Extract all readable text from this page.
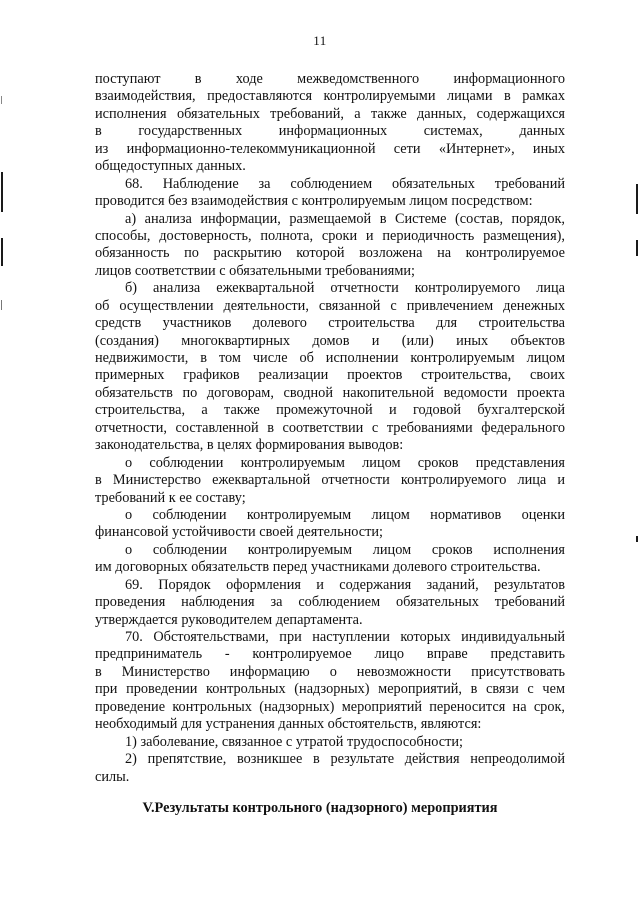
11
поступают в ходе межведомственного информационного
взаимодействия, предоставляются контролируемыми лицами в рамках
исполнения обязательных требований, а также данных, содержащихся
в государственных информационных системах, данных
из информационно-телекоммуникационной сети «Интернет», иных
общедоступных данных.
68. Наблюдение за соблюдением обязательных требований
проводится без взаимодействия с контролируемым лицом посредством:
а) анализа информации, размещаемой в Системе (состав, порядок,
способы, достоверность, полнота, сроки и периодичность размещения),
обязанность по раскрытию которой возложена на контролируемое
лицов соответствии с обязательными требованиями;
б) анализа ежеквартальной отчетности контролируемого лица
об осуществлении деятельности, связанной с привлечением денежных
средств участников долевого строительства для строительства
(создания) многоквартирных домов и (или) иных объектов
недвижимости, в том числе об исполнении контролируемым лицом
примерных графиков реализации проектов строительства, своих
обязательств по договорам, сводной накопительной ведомости проекта
строительства, а также промежуточной и годовой бухгалтерской
отчетности, составленной в соответствии с требованиями федерального
законодательства, в целях формирования выводов:
о соблюдении контролируемым лицом сроков представления
в Министерство ежеквартальной отчетности контролируемого лица и
требований к ее составу;
о соблюдении контролируемым лицом нормативов оценки
финансовой устойчивости своей деятельности;
о соблюдении контролируемым лицом сроков исполнения
им договорных обязательств перед участниками долевого строительства.
69. Порядок оформления и содержания заданий, результатов
проведения наблюдения за соблюдением обязательных требований
утверждается руководителем департамента.
70. Обстоятельствами, при наступлении которых индивидуальный
предприниматель - контролируемое лицо вправе представить
в Министерство информацию о невозможности присутствовать
при проведении контрольных (надзорных) мероприятий, в связи с чем
проведение контрольных (надзорных) мероприятий переносится на срок,
необходимый для устранения данных обстоятельств, являются:
1) заболевание, связанное с утратой трудоспособности;
2) препятствие, возникшее в результате действия непреодолимой
силы.
V.Результаты контрольного (надзорного) мероприятия
